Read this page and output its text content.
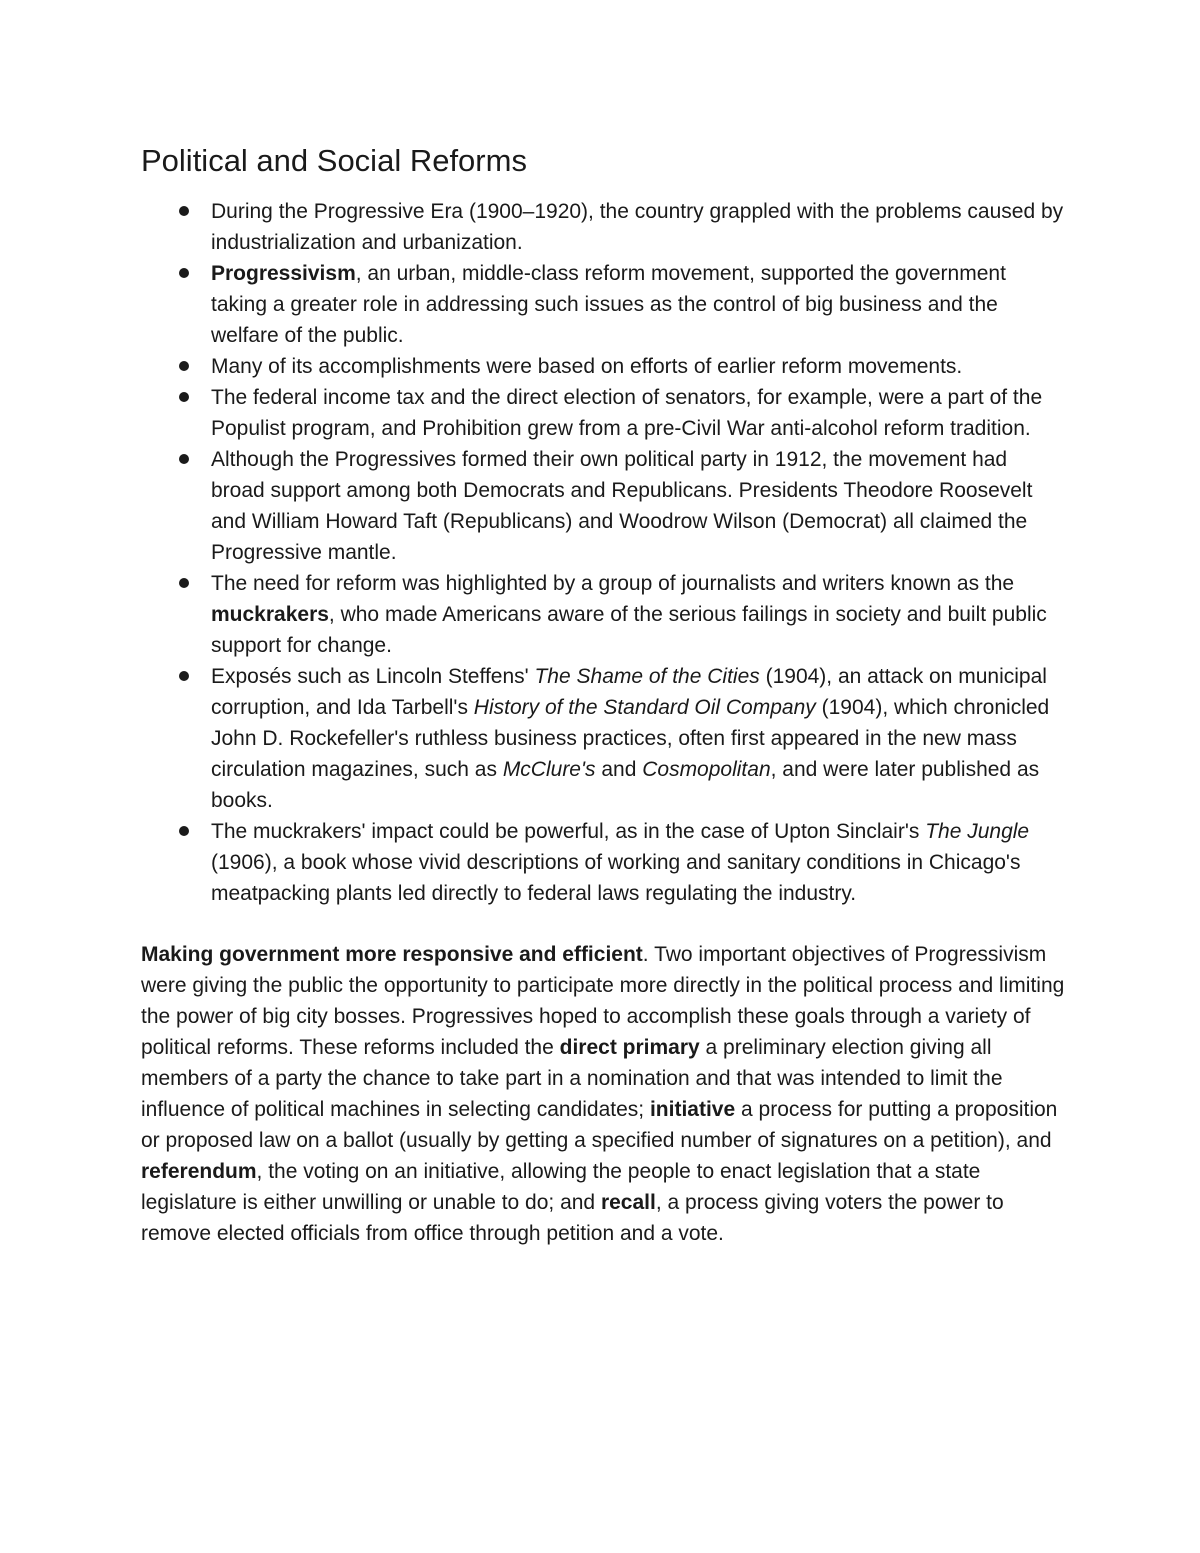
Political and Social Reforms
During the Progressive Era (1900–1920), the country grappled with the problems caused by industrialization and urbanization.
Progressivism, an urban, middle-class reform movement, supported the government taking a greater role in addressing such issues as the control of big business and the welfare of the public.
Many of its accomplishments were based on efforts of earlier reform movements.
The federal income tax and the direct election of senators, for example, were a part of the Populist program, and Prohibition grew from a pre-Civil War anti-alcohol reform tradition.
Although the Progressives formed their own political party in 1912, the movement had broad support among both Democrats and Republicans. Presidents Theodore Roosevelt and William Howard Taft (Republicans) and Woodrow Wilson (Democrat) all claimed the Progressive mantle.
The need for reform was highlighted by a group of journalists and writers known as the muckrakers, who made Americans aware of the serious failings in society and built public support for change.
Exposés such as Lincoln Steffens' The Shame of the Cities (1904), an attack on municipal corruption, and Ida Tarbell's History of the Standard Oil Company (1904), which chronicled John D. Rockefeller's ruthless business practices, often first appeared in the new mass circulation magazines, such as McClure's and Cosmopolitan, and were later published as books.
The muckrakers' impact could be powerful, as in the case of Upton Sinclair's The Jungle (1906), a book whose vivid descriptions of working and sanitary conditions in Chicago's meatpacking plants led directly to federal laws regulating the industry.

Making government more responsive and efficient. Two important objectives of Progressivism were giving the public the opportunity to participate more directly in the political process and limiting the power of big city bosses. Progressives hoped to accomplish these goals through a variety of political reforms. These reforms included the direct primary a preliminary election giving all members of a party the chance to take part in a nomination and that was intended to limit the influence of political machines in selecting candidates; initiative a process for putting a proposition or proposed law on a ballot (usually by getting a specified number of signatures on a petition), and referendum, the voting on an initiative, allowing the people to enact legislation that a state legislature is either unwilling or unable to do; and recall, a process giving voters the power to remove elected officials from office through petition and a vote.
